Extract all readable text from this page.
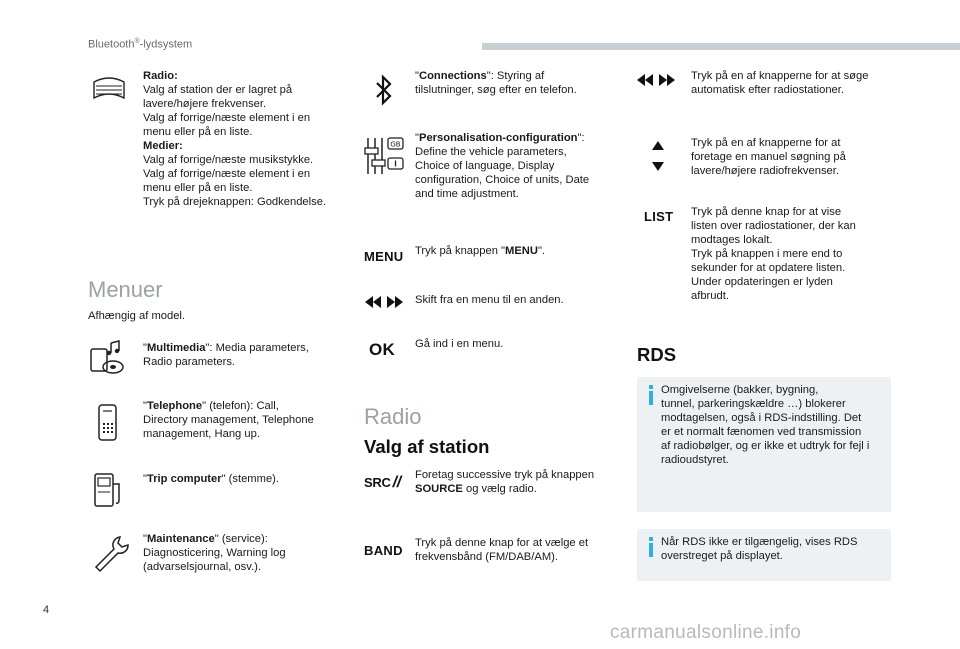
Bluetooth®-lydsystem
Radio:
Valg af station der er lagret på
lavere/højere frekvenser.
Valg af forrige/næste element i en
menu eller på en liste.
Medier:
Valg af forrige/næste musikstykke.
Valg af forrige/næste element i en
menu eller på en liste.
Tryk på drejeknappen: Godkendelse.
Menuer
Afhængig af model.
"Multimedia": Media parameters,
Radio parameters.
"Telephone" (telefon): Call,
Directory management, Telephone
management, Hang up.
"Trip computer" (stemme).
"Maintenance" (service):
Diagnosticering, Warning log
(advarselsjournal, osv.).
"Connections": Styring af
tilslutninger, søg efter en telefon.
GB
"Personalisation-configuration":
Define the vehicle parameters,
Choice of language, Display
configuration, Choice of units, Date
and time adjustment.
MENU Tryk på knappen "MENU".
Skift fra en menu til en anden.
OK Gå ind i en menu.
Radio
Valg af station
SRC // Foretag successive tryk på knappen
SOURCE og vælg radio.
BAND Tryk på denne knap for at vælge et
frekvensbånd (FM/DAB/AM).
Tryk på en af knapperne for at søge
automatisk efter radiostationer.
Tryk på en af knapperne for at
foretage en manuel søgning på
lavere/højere radiofrekvenser.
LIST Tryk på denne knap for at vise
listen over radiostationer, der kan
modtages lokalt.
Tryk på knappen i mere end to
sekunder for at opdatere listen.
Under opdateringen er lyden
afbrudt.
RDS
Omgivelserne (bakker, bygning,
tunnel, parkeringskældre …) blokerer
modtagelsen, også i RDS-indstilling. Det
er et normalt fænomen ved transmission
af radiobølger, og er ikke et udtryk for fejl i
radioudstyret.
Når RDS ikke er tilgængelig, vises RDS
overstreget på displayet.
4
carmanualsonline.info
